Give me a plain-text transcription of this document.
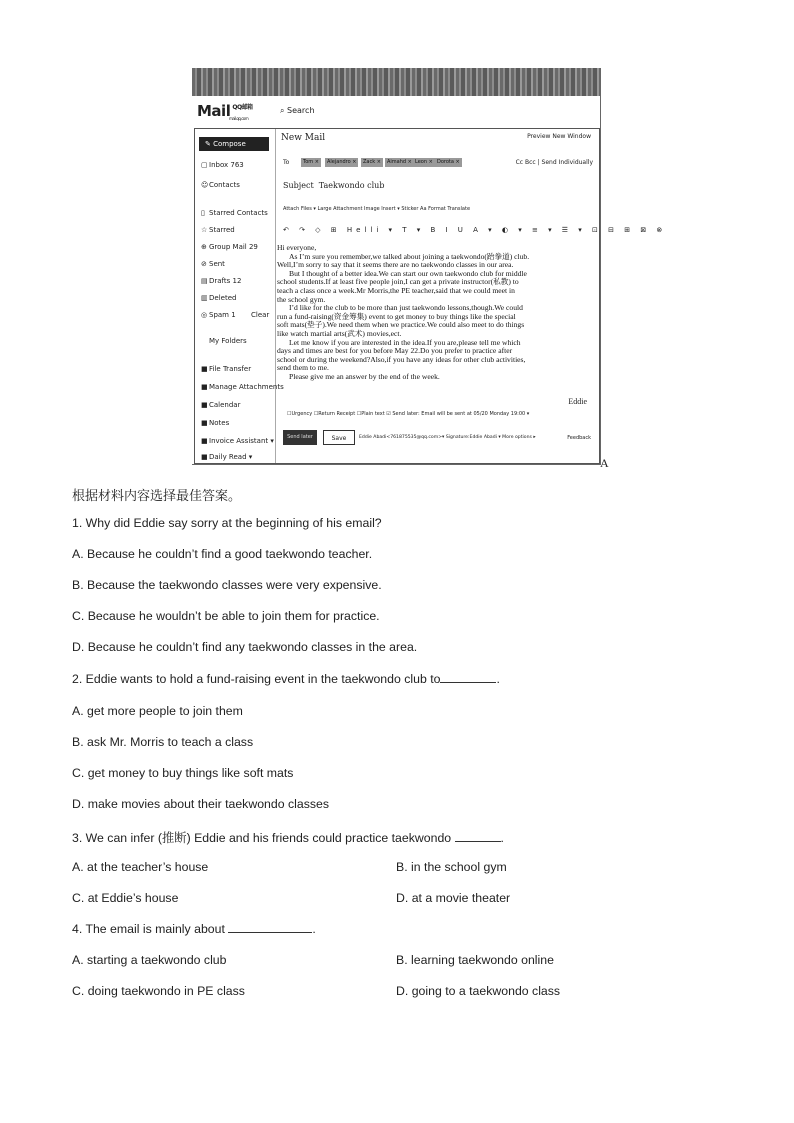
Mail $^{QQ邮箱}$
mail.qq.com
⌕ Search
✎ Compose
▢Inbox 763
☺Contacts
▯ Starred Contacts
☆ Starred
⊕ Group Mail 29
⊘ Sent
▤Drafts 12
▥Deleted
◎ Spam 1 Clear
My Folders
■File Transfer
■Manage Attachments
■Calendar
■Notes
■Invoice Assistant ▾
■Daily Read ▾
New Mail	Preview New Window
To	Tom ×	Alejandro ×	Zack ×	Aimahd × Leon × Dorota ×	Cc Bcc | Send Individually
Subject Taekwondo club
Attach Files ▾ Large Attachment Image Insert ▾ Sticker Aa Format Translate
↶ ↷ ◇ ⊞ Helli ▾ T ▾ B I U A ▾ ◐ ▾ ≡ ▾ ☰ ▾ ⊡ ⊟ ⊞ ⊠ ⊗

Hi everyone,

As I’m sure you remember,we talked about joining a taekwondo(跆拳道) club.

Well,I’m sorry to say that it seems there are no taekwondo classes in our area.

But I thought of a better idea.We can start our own taekwondo club for middle

school students.If at least five people join,I can get a private instructor(私教) to

teach a class once a week.Mr Morris,the PE teacher,said that we could meet in

the school gym.

I’d like for the club to be more than just taekwondo lessons,though.We could

run a fund-raising(资金筹集) event to get money to buy things like the special

soft mats(垫子).We need them when we practice.We could also meet to do things

like watch martial arts(武术) movies,ect.

Let me know if you are interested in the idea.If you are,please tell me which

days and times are best for you before May 22.Do you prefer to practice after

school or during the weekend?Also,if you have any ideas for other club activities,

send them to me.

Please give me an answer by the end of the week.

Eddie
☐Urgency ☐Return Receipt ☐Plain text ☑ Send later: Email will be sent at 05/20 Monday 19:00 ▾
Send later	Save	Eddie Abadi<761875535@qq.com>▾ Signature:Eddie Abadi ▾ More options ▸	Feedback
A
根据材料内容选择最佳答案。
1. Why did Eddie say sorry at the beginning of his email?
A. Because he couldn’t find a good taekwondo teacher.
B. Because the taekwondo classes were very expensive.
C. Because he wouldn’t be able to join them for practice.
D. Because he couldn’t find any taekwondo classes in the area.
2. Eddie wants to hold a fund-raising event in the taekwondo club to	.
A. get more people to join them
B. ask Mr. Morris to teach a class
C. get money to buy things like soft mats
D. make movies about their taekwondo classes
3. We can infer (推断) Eddie and his friends could practice taekwondo	.
A. at the teacher’s house	B. in the school gym
C. at Eddie’s house	D. at a movie theater
4. The email is mainly about	.
A. starting a taekwondo club	B. learning taekwondo online
C. doing taekwondo in PE class	D. going to a taekwondo class
